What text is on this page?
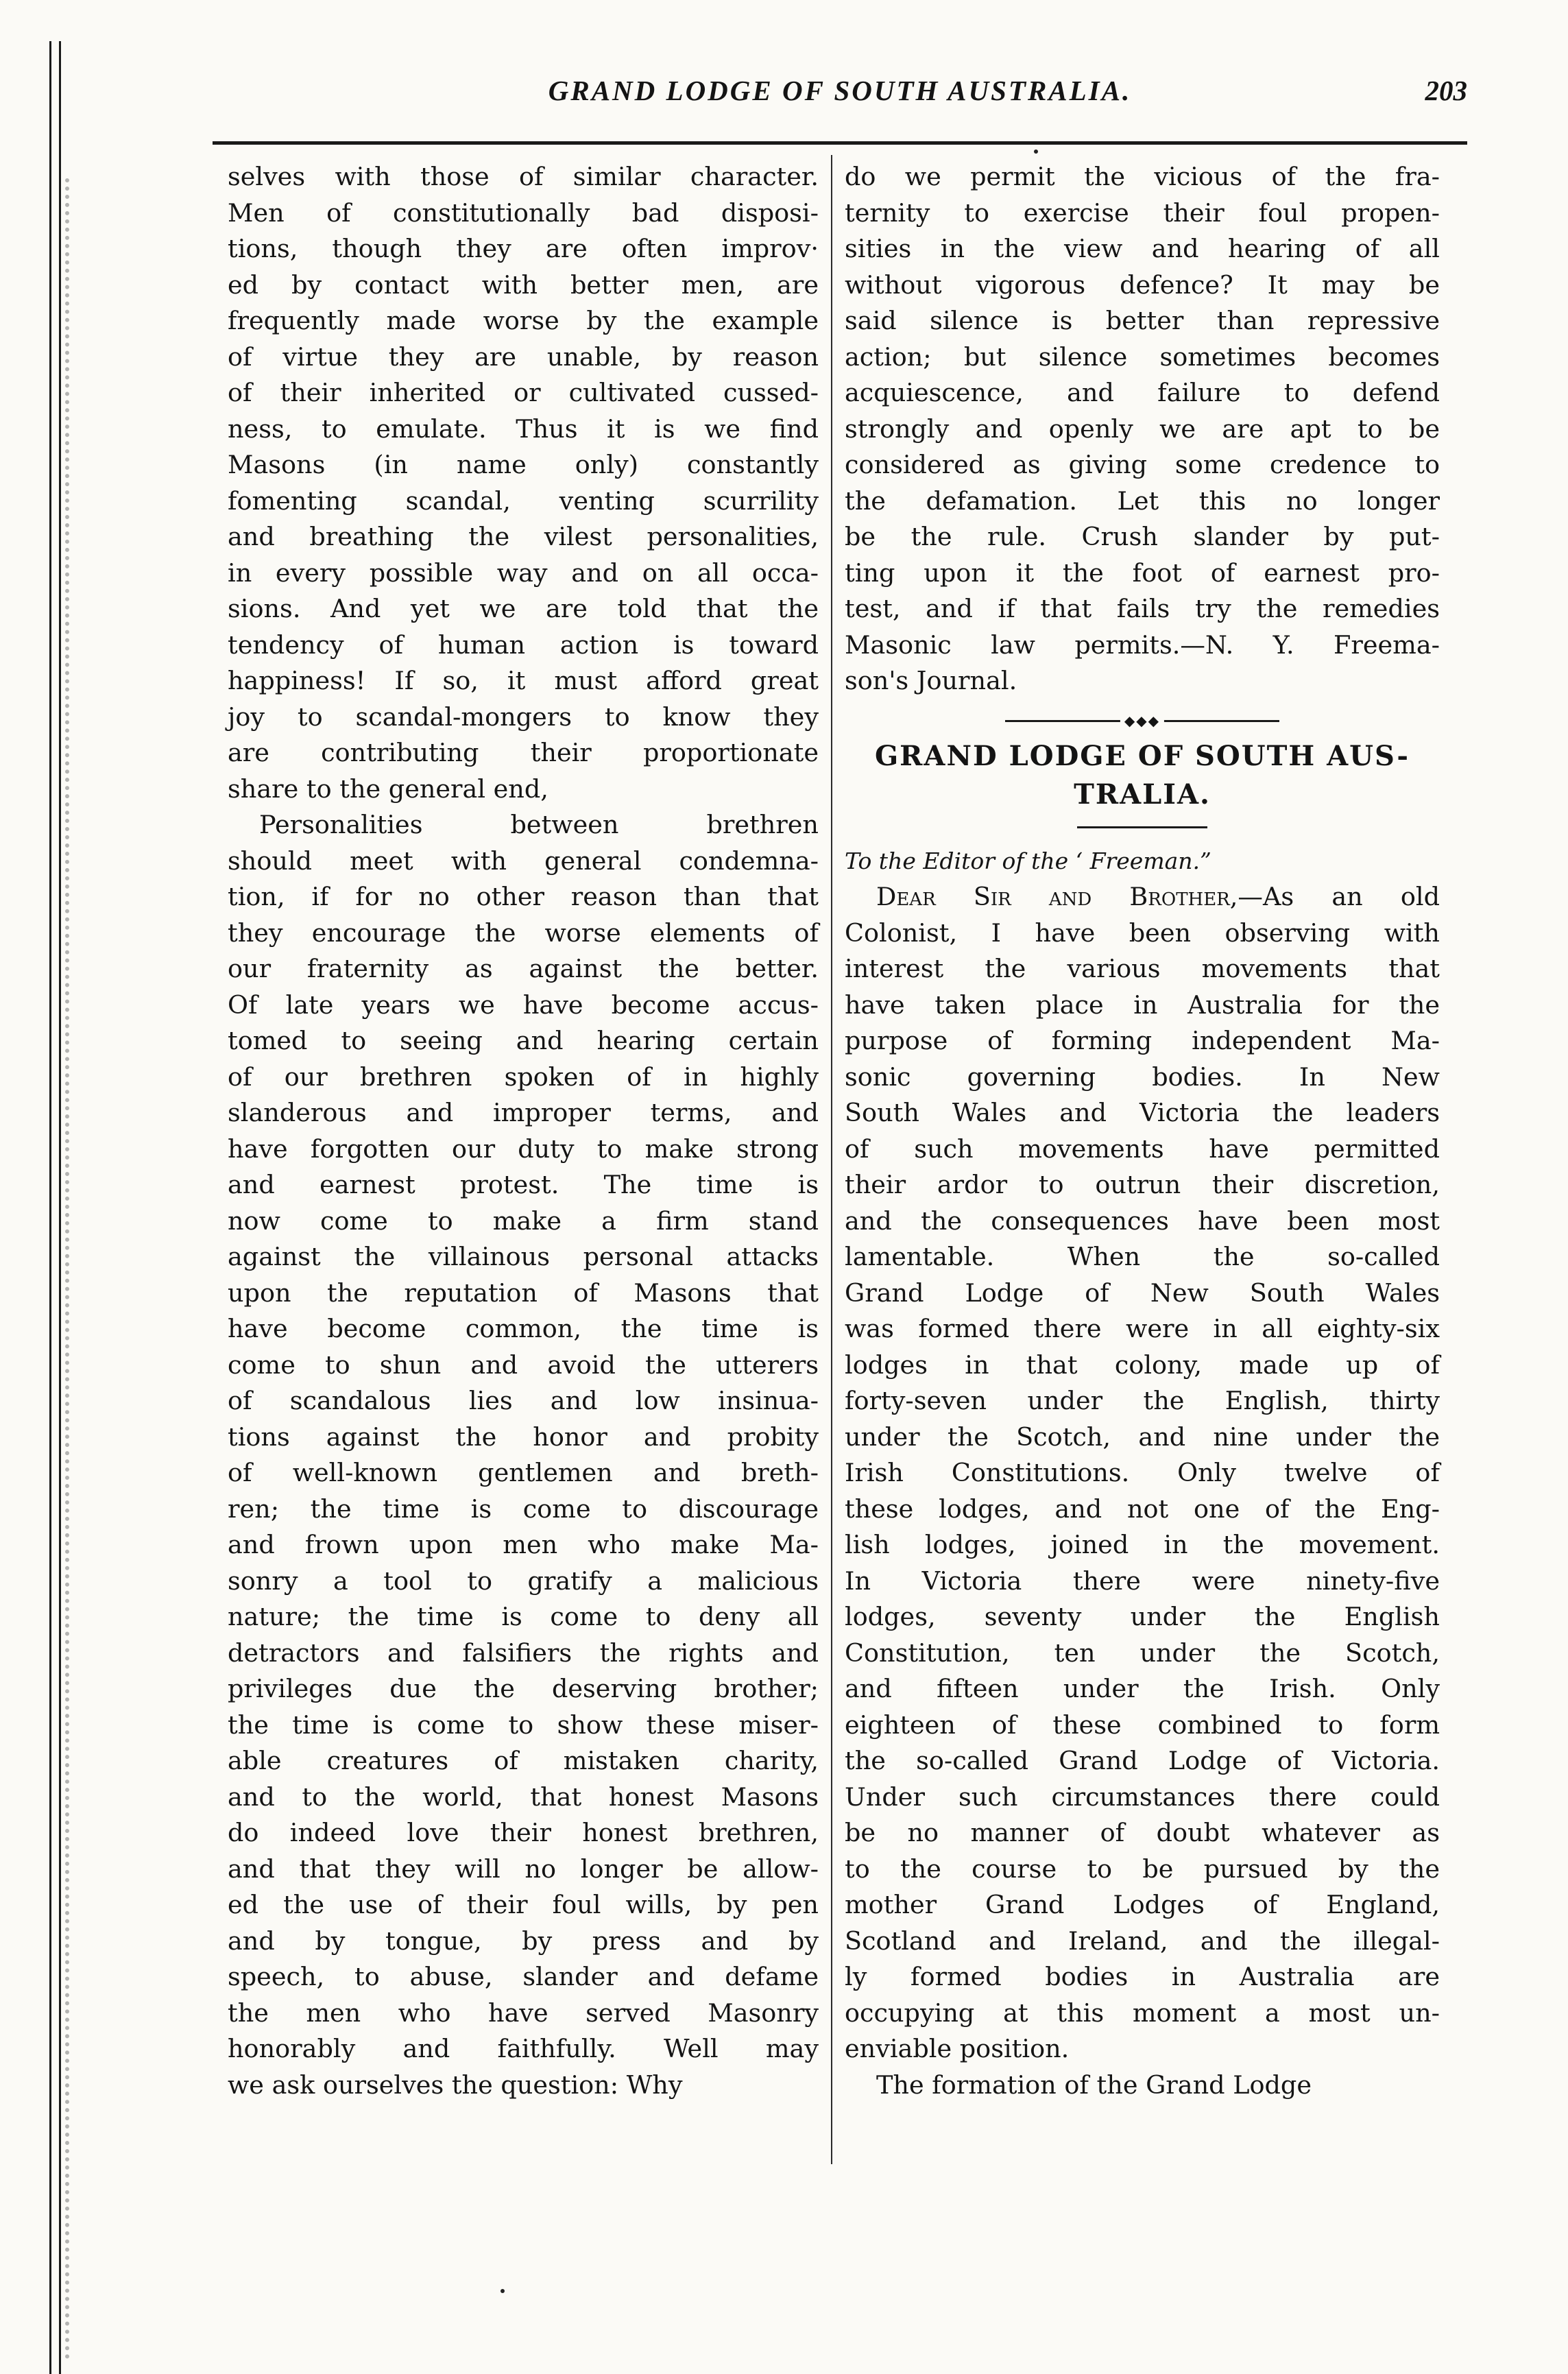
GRAND LODGE OF SOUTH AUSTRALIA.	203
selves with those of similar character.
Men of constitutionally bad disposi-
tions, though they are often improv·
ed by contact with better men, are
frequently made worse by the example
of virtue they are unable, by reason
of their inherited or cultivated cussed-
ness, to emulate. Thus it is we find
Masons (in name only) constantly
fomenting scandal, venting scurrility
and breathing the vilest personalities,
in every possible way and on all occa-
sions. And yet we are told that the
tendency of human action is toward
happiness! If so, it must afford great
joy to scandal-mongers to know they
are contributing their proportionate
share to the general end,
Personalities between brethren
should meet with general condemna-
tion, if for no other reason than that
they encourage the worse elements of
our fraternity as against the better.
Of late years we have become accus-
tomed to seeing and hearing certain
of our brethren spoken of in highly
slanderous and improper terms, and
have forgotten our duty to make strong
and earnest protest. The time is
now come to make a firm stand
against the villainous personal attacks
upon the reputation of Masons that
have become common, the time is
come to shun and avoid the utterers
of scandalous lies and low insinua-
tions against the honor and probity
of well-known gentlemen and breth-
ren; the time is come to discourage
and frown upon men who make Ma-
sonry a tool to gratify a malicious
nature; the time is come to deny all
detractors and falsifiers the rights and
privileges due the deserving brother;
the time is come to show these miser-
able creatures of mistaken charity,
and to the world, that honest Masons
do indeed love their honest brethren,
and that they will no longer be allow-
ed the use of their foul wills, by pen
and by tongue, by press and by
speech, to abuse, slander and defame
the men who have served Masonry
honorably and faithfully. Well may
we ask ourselves the question: Why
do we permit the vicious of the fra-
ternity to exercise their foul propen-
sities in the view and hearing of all
without vigorous defence? It may be
said silence is better than repressive
action; but silence sometimes becomes
acquiescence, and failure to defend
strongly and openly we are apt to be
considered as giving some credence to
the defamation. Let this no longer
be the rule. Crush slander by put-
ting upon it the foot of earnest pro-
test, and if that fails try the remedies
Masonic law permits.—N. Y. Freema-
son's Journal.
◆◆◆
GRAND LODGE OF SOUTH AUS-
TRALIA.
To the Editor of the ‘ Freeman.”
Dear Sir and Brother,—As an old
Colonist, I have been observing with
interest the various movements that
have taken place in Australia for the
purpose of forming independent Ma-
sonic governing bodies. In New
South Wales and Victoria the leaders
of such movements have permitted
their ardor to outrun their discretion,
and the consequences have been most
lamentable. When the so-called
Grand Lodge of New South Wales
was formed there were in all eighty-six
lodges in that colony, made up of
forty-seven under the English, thirty
under the Scotch, and nine under the
Irish Constitutions. Only twelve of
these lodges, and not one of the Eng-
lish lodges, joined in the movement.
In Victoria there were ninety-five
lodges, seventy under the English
Constitution, ten under the Scotch,
and fifteen under the Irish. Only
eighteen of these combined to form
the so-called Grand Lodge of Victoria.
Under such circumstances there could
be no manner of doubt whatever as
to the course to be pursued by the
mother Grand Lodges of England,
Scotland and Ireland, and the illegal-
ly formed bodies in Australia are
occupying at this moment a most un-
enviable position.
The formation of the Grand Lodge
